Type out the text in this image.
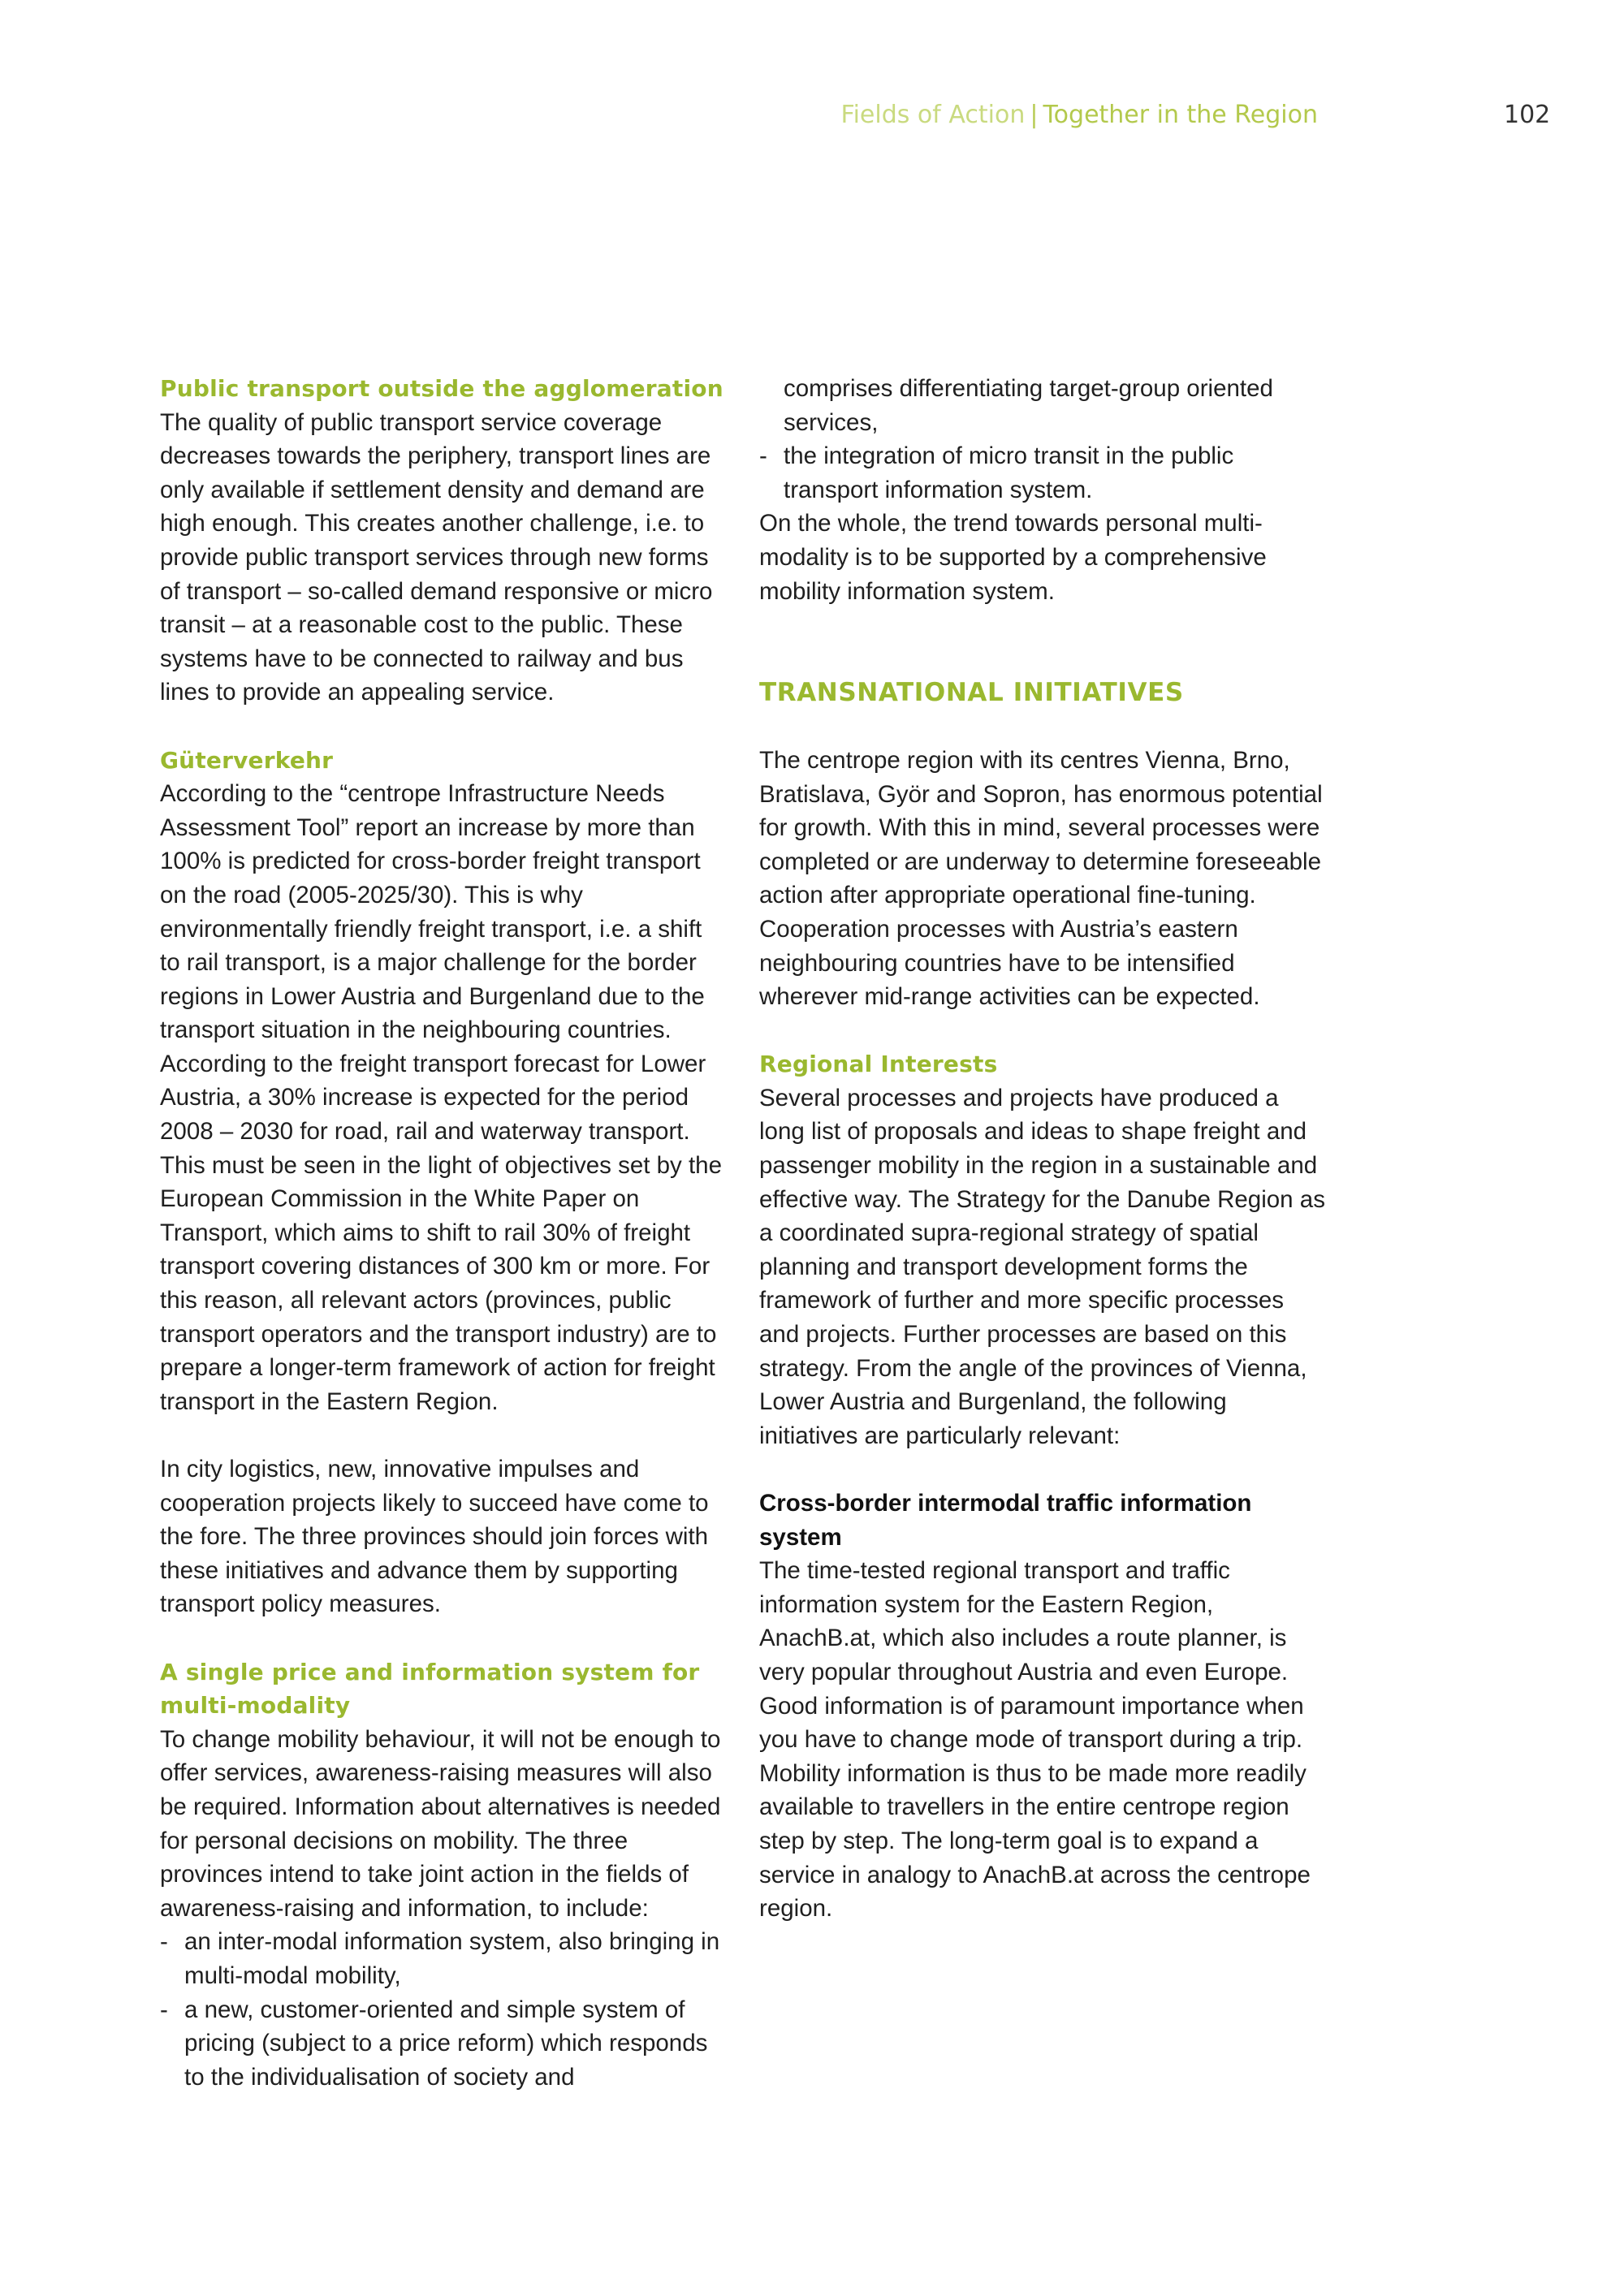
Fields of Action | Together in the Region	102

Public transport outside the agglomeration

The quality of public transport service coverage decreases towards the periphery, transport lines are only available if settlement density and demand are high enough. This creates another challenge, i.e. to provide public transport services through new forms of transport – so-called demand responsive or micro transit – at a reasonable cost to the public. These systems have to be connected to railway and bus lines to provide an appealing service.

Güterverkehr

According to the “centrope Infrastructure Needs Assessment Tool” report an increase by more than 100% is predicted for cross-border freight transport on the road (2005-2025/30). This is why environmentally friendly freight transport, i.e. a shift to rail transport, is a major challenge for the border regions in Lower Austria and Burgenland due to the transport situation in the neighbouring countries. According to the freight transport forecast for Lower Austria, a 30% increase is expected for the period 2008 – 2030 for road, rail and waterway transport. This must be seen in the light of objectives set by the European Commission in the White Paper on Transport, which aims to shift to rail 30% of freight transport covering distances of 300 km or more. For this reason, all relevant actors (provinces, public transport operators and the transport industry) are to prepare a longer-term framework of action for freight transport in the Eastern Region.

In city logistics, new, innovative impulses and cooperation projects likely to succeed have come to the fore. The three provinces should join forces with these initiatives and advance them by supporting transport policy measures.

A single price and information system for multi-modality

To change mobility behaviour, it will not be enough to offer services, awareness-raising measures will also be required. Information about alternatives is needed for personal decisions on mobility. The three provinces intend to take joint action in the fields of awareness-raising and information, to include:

- an inter-modal information system, also bringing in multi-modal mobility,
- a new, customer-oriented and simple system of pricing (subject to a price reform) which responds to the individualisation of society and

comprises differentiating target-group oriented services,

- the integration of micro transit in the public transport information system.

On the whole, the trend towards personal multi-modality is to be supported by a comprehensive mobility information system.

TRANSNATIONAL INITIATIVES

The centrope region with its centres Vienna, Brno, Bratislava, Györ and Sopron, has enormous potential for growth. With this in mind, several processes were completed or are underway to determine foreseeable action after appropriate operational fine-tuning. Cooperation processes with Austria’s eastern neighbouring countries have to be intensified wherever mid-range activities can be expected.

Regional Interests

Several processes and projects have produced a long list of proposals and ideas to shape freight and passenger mobility in the region in a sustainable and effective way. The Strategy for the Danube Region as a coordinated supra-regional strategy of spatial planning and transport development forms the framework of further and more specific processes and projects. Further processes are based on this strategy. From the angle of the provinces of Vienna, Lower Austria and Burgenland, the following initiatives are particularly relevant:

Cross-border intermodal traffic information system

The time-tested regional transport and traffic information system for the Eastern Region, AnachB.at, which also includes a route planner, is very popular throughout Austria and even Europe. Good information is of paramount importance when you have to change mode of transport during a trip. Mobility information is thus to be made more readily available to travellers in the entire centrope region step by step. The long-term goal is to expand a service in analogy to AnachB.at across the centrope region.
